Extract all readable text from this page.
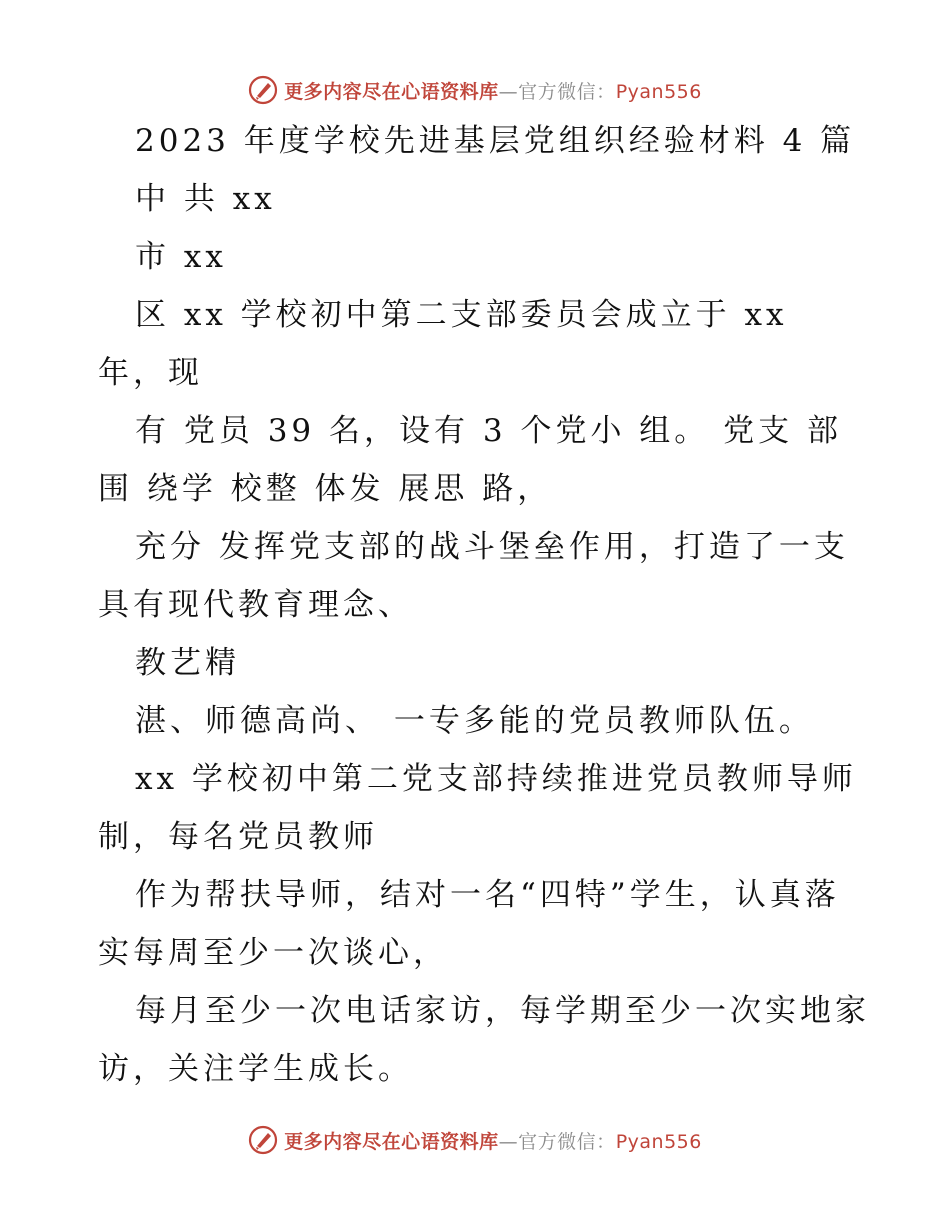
更多内容尽在心语资料库—官方微信：Pyan556
2023 年度学校先进基层党组织经验材料 4 篇
中 共 xx
市 xx
区 xx 学校初中第二支部委员会成立于 xx
年，现
有 党员 39 名，设有 3 个党小 组。 党支 部
围 绕学 校整 体发 展思 路，
充分 发挥党支部的战斗堡垒作用，打造了一支
具有现代教育理念、
教艺精
湛、师德高尚、 一专多能的党员教师队伍。
xx 学校初中第二党支部持续推进党员教师导师
制，每名党员教师
作为帮扶导师，结对一名“四特”学生，认真落
实每周至少一次谈心，
每月至少一次电话家访，每学期至少一次实地家
访，关注学生成长。
更多内容尽在心语资料库—官方微信：Pyan556
